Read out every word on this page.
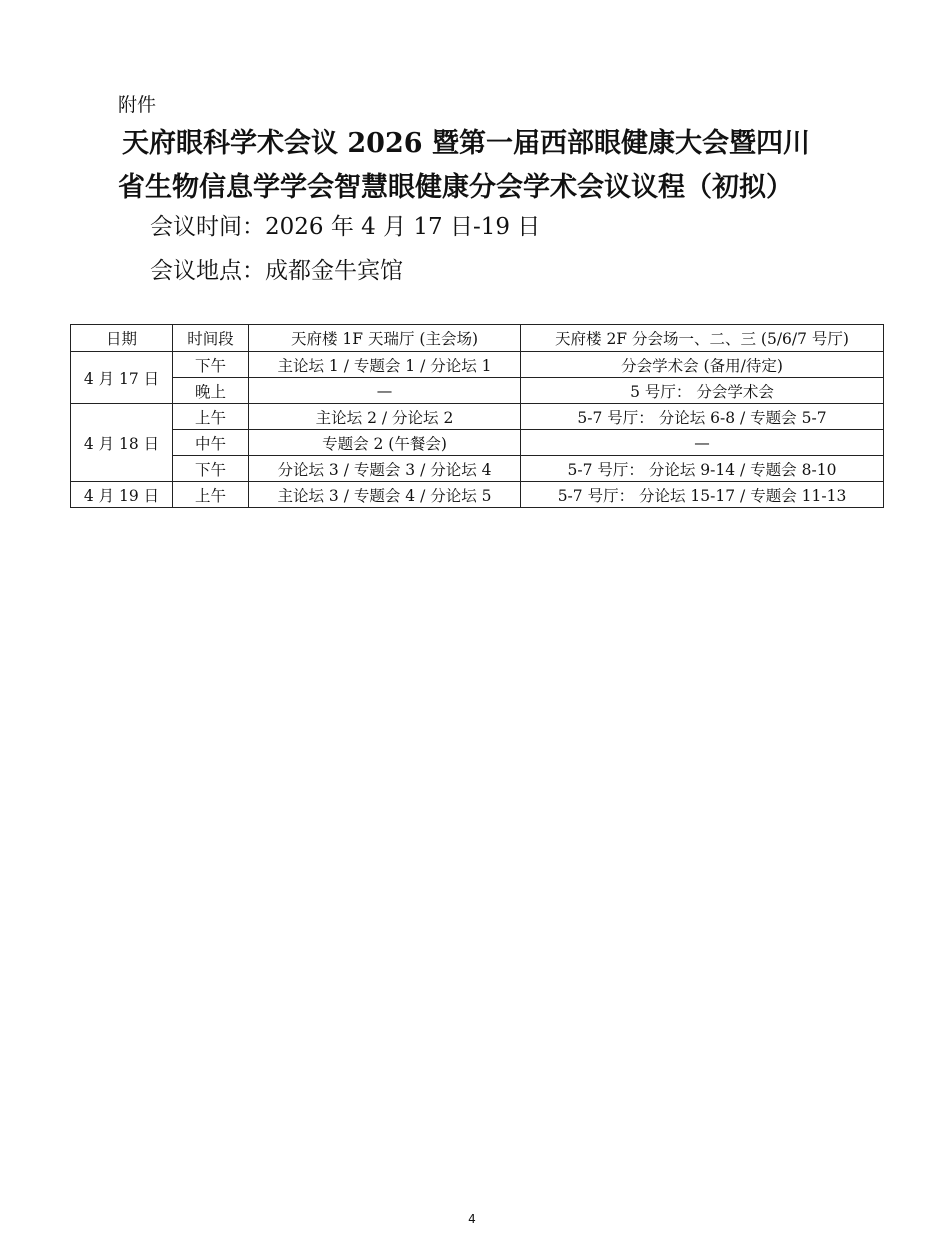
附件
天府眼科学术会议 2026 暨第一届西部眼健康大会暨四川
省生物信息学学会智慧眼健康分会学术会议议程（初拟）
会议时间：2026 年 4 月 17 日-19 日
会议地点：成都金牛宾馆
日期	时间段	天府楼 1F 天瑞厅 (主会场)	天府楼 2F 分会场一、二、三 (5/6/7 号厅)
4 月 17 日	下午	主论坛 1 / 专题会 1 / 分论坛 1	分会学术会 (备用/待定)
	晚上	—	5 号厅： 分会学术会
4 月 18 日	上午	主论坛 2 / 分论坛 2	5-7 号厅： 分论坛 6-8 / 专题会 5-7
	中午	专题会 2 (午餐会)	—
	下午	分论坛 3 / 专题会 3 / 分论坛 4	5-7 号厅： 分论坛 9-14 / 专题会 8-10
4 月 19 日	上午	主论坛 3 / 专题会 4 / 分论坛 5	5-7 号厅： 分论坛 15-17 / 专题会 11-13
4
